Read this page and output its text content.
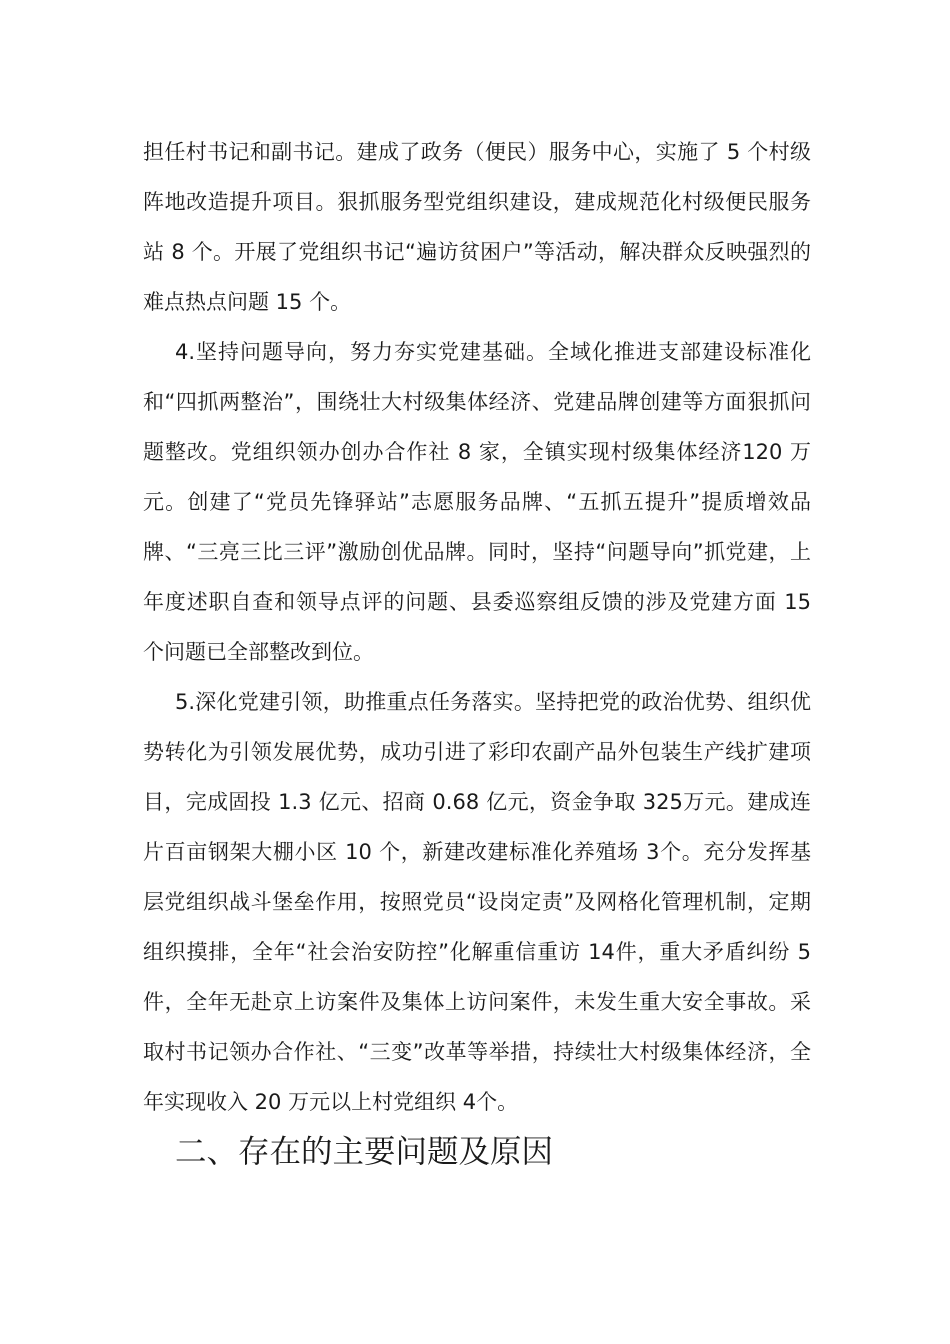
担任村书记和副书记。建成了政务（便民）服务中心，实施了 5 个村级阵地改造提升项目。狠抓服务型党组织建设，建成规范化村级便民服务站 8 个。开展了党组织书记“遍访贫困户”等活动，解决群众反映强烈的难点热点问题 15 个。

4.坚持问题导向，努力夯实党建基础。全域化推进支部建设标准化和“四抓两整治”，围绕壮大村级集体经济、党建品牌创建等方面狠抓问题整改。党组织领办创办合作社 8 家，全镇实现村级集体经济120 万元。创建了“党员先锋驿站”志愿服务品牌、“五抓五提升”提质增效品牌、“三亮三比三评”激励创优品牌。同时，坚持“问题导向”抓党建，上年度述职自查和领导点评的问题、县委巡察组反馈的涉及党建方面 15 个问题已全部整改到位。

5.深化党建引领，助推重点任务落实。坚持把党的政治优势、组织优势转化为引领发展优势，成功引进了彩印农副产品外包装生产线扩建项目，完成固投 1.3 亿元、招商 0.68 亿元，资金争取 325万元。建成连片百亩钢架大棚小区 10 个，新建改建标准化养殖场 3个。充分发挥基层党组织战斗堡垒作用，按照党员“设岗定责”及网格化管理机制，定期组织摸排，全年“社会治安防控”化解重信重访 14件，重大矛盾纠纷 5 件，全年无赴京上访案件及集体上访问案件，未发生重大安全事故。采取村书记领办合作社、“三变”改革等举措，持续壮大村级集体经济，全年实现收入 20 万元以上村党组织 4个。

二、存在的主要问题及原因
